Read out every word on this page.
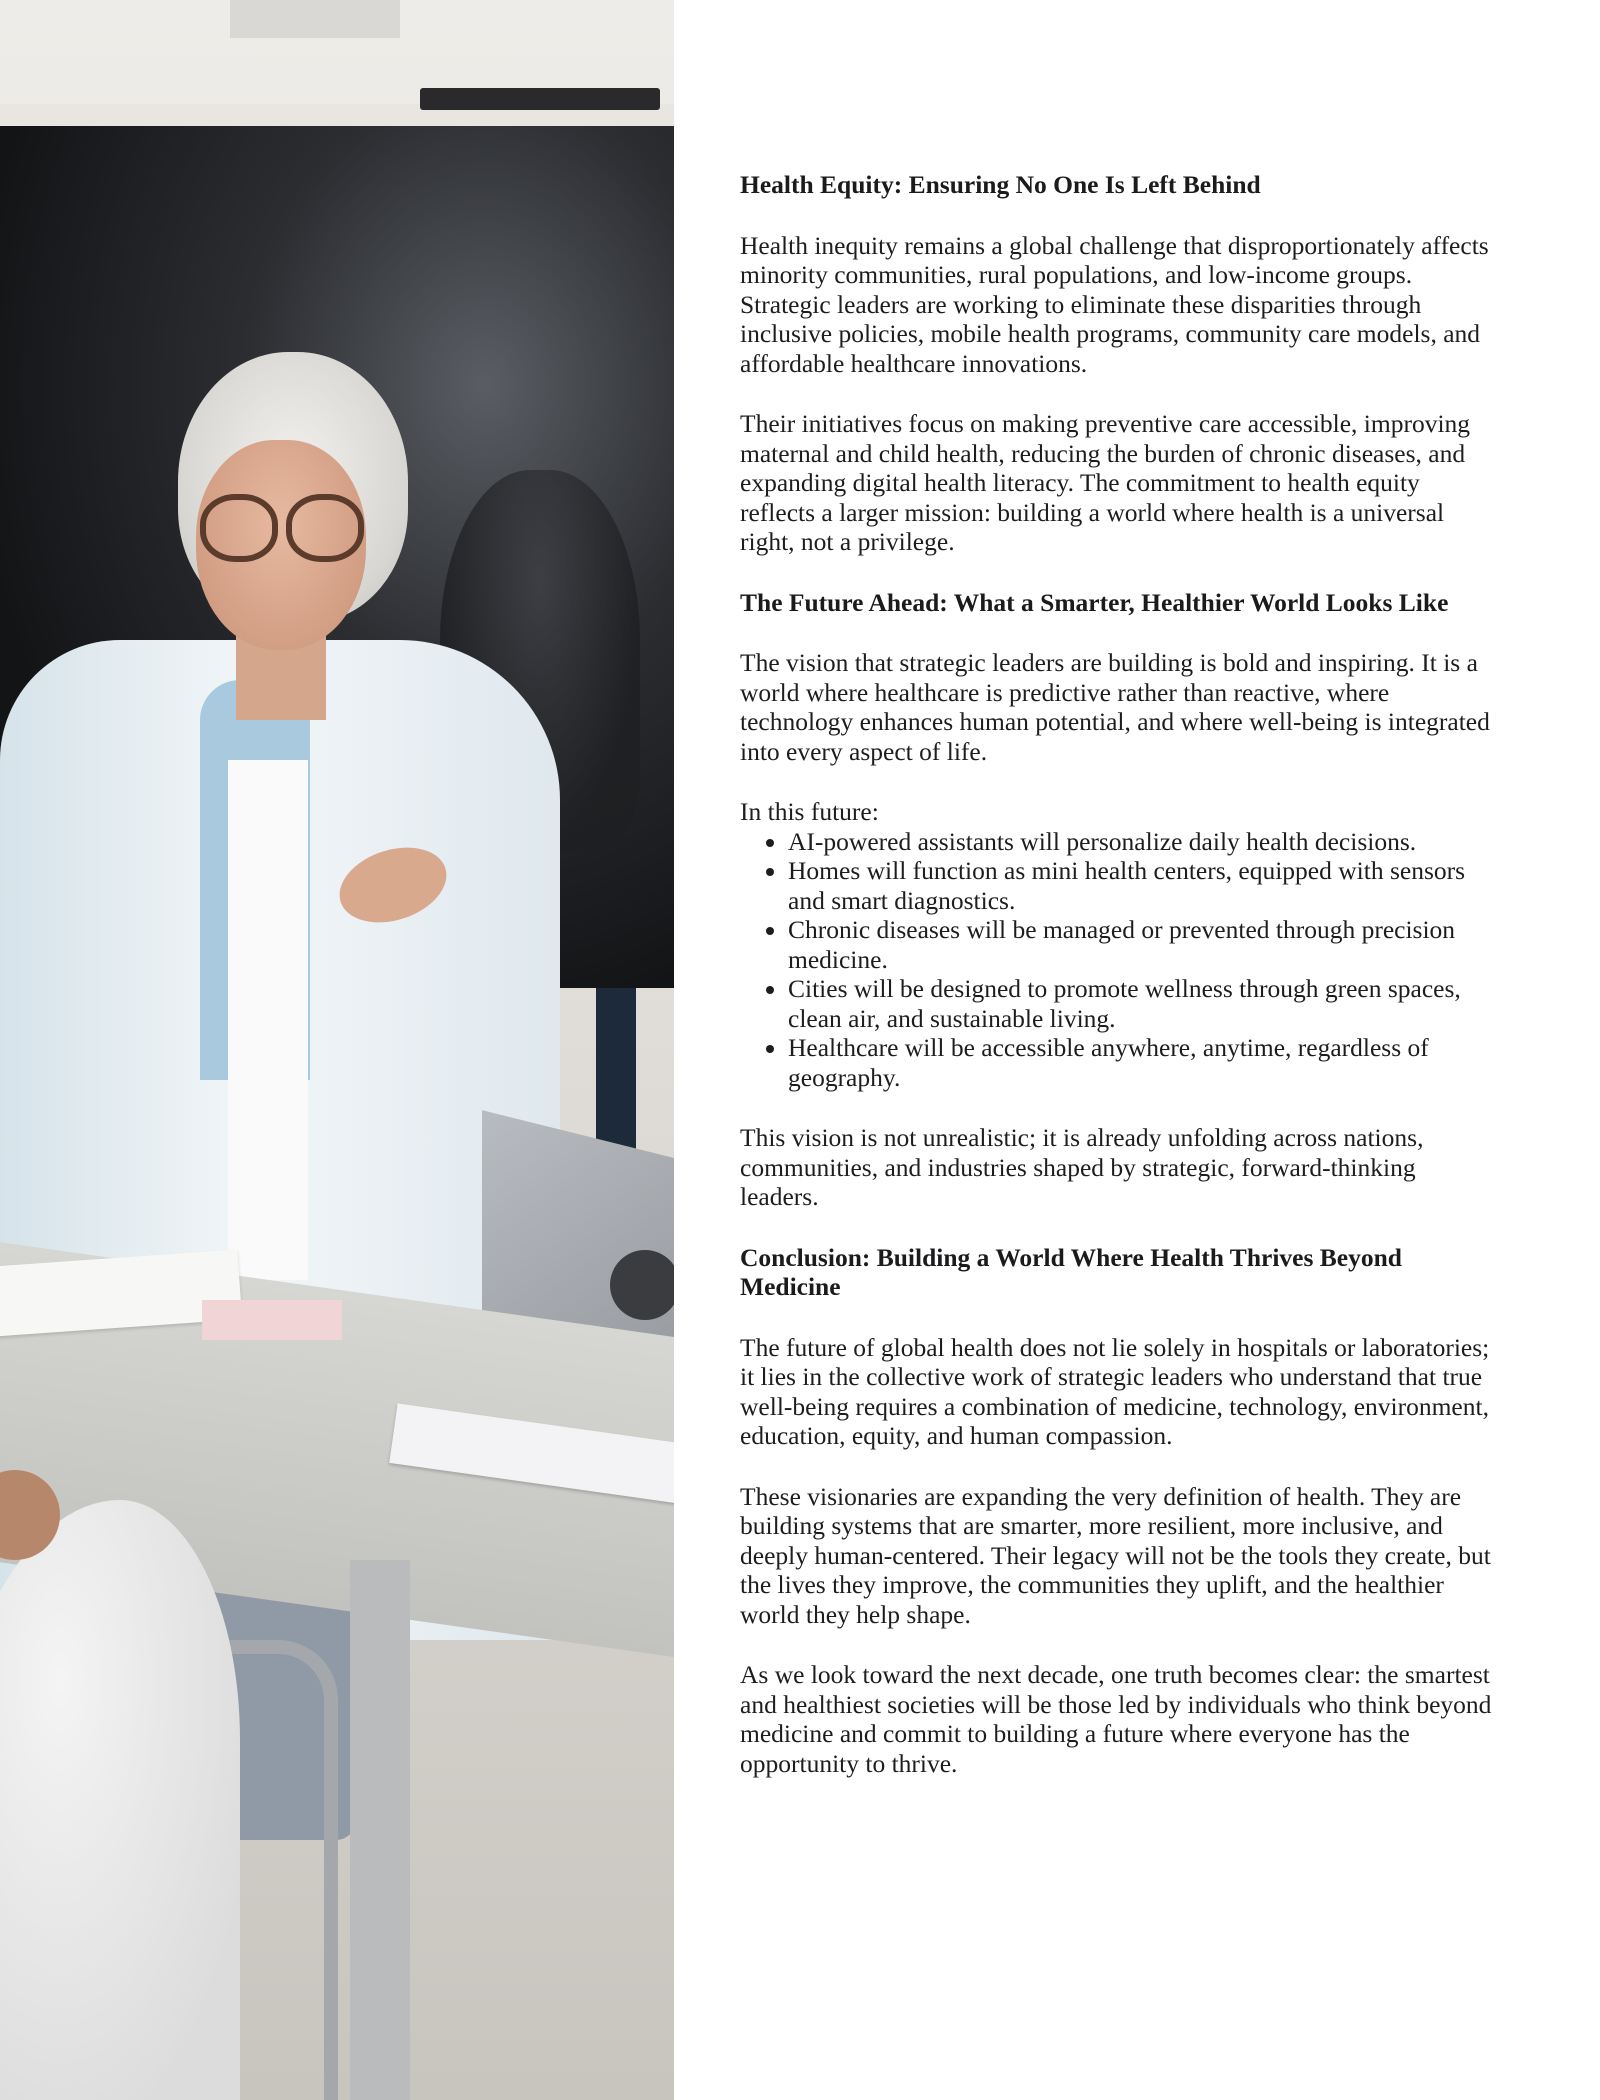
Health Equity: Ensuring No One Is Left Behind

Health inequity remains a global challenge that disproportionately affects minority communities, rural populations, and low-income groups. Strategic leaders are working to eliminate these disparities through inclusive policies, mobile health programs, community care models, and affordable healthcare innovations.

Their initiatives focus on making preventive care accessible, improving maternal and child health, reducing the burden of chronic diseases, and expanding digital health literacy. The commitment to health equity reflects a larger mission: building a world where health is a universal right, not a privilege.

The Future Ahead: What a Smarter, Healthier World Looks Like

The vision that strategic leaders are building is bold and inspiring. It is a world where healthcare is predictive rather than reactive, where technology enhances human potential, and where well-being is integrated into every aspect of life.

In this future:

• AI-powered assistants will personalize daily health decisions.
• Homes will function as mini health centers, equipped with sensors and smart diagnostics.
• Chronic diseases will be managed or prevented through precision medicine.
• Cities will be designed to promote wellness through green spaces, clean air, and sustainable living.
• Healthcare will be accessible anywhere, anytime, regardless of geography.

This vision is not unrealistic; it is already unfolding across nations, communities, and industries shaped by strategic, forward-thinking leaders.

Conclusion: Building a World Where Health Thrives Beyond Medicine

The future of global health does not lie solely in hospitals or laboratories; it lies in the collective work of strategic leaders who understand that true well-being requires a combination of medicine, technology, environment, education, equity, and human compassion.

These visionaries are expanding the very definition of health. They are building systems that are smarter, more resilient, more inclusive, and deeply human-centered. Their legacy will not be the tools they create, but the lives they improve, the communities they uplift, and the healthier world they help shape.

As we look toward the next decade, one truth becomes clear: the smartest and healthiest societies will be those led by individuals who think beyond medicine and commit to building a future where everyone has the opportunity to thrive.
